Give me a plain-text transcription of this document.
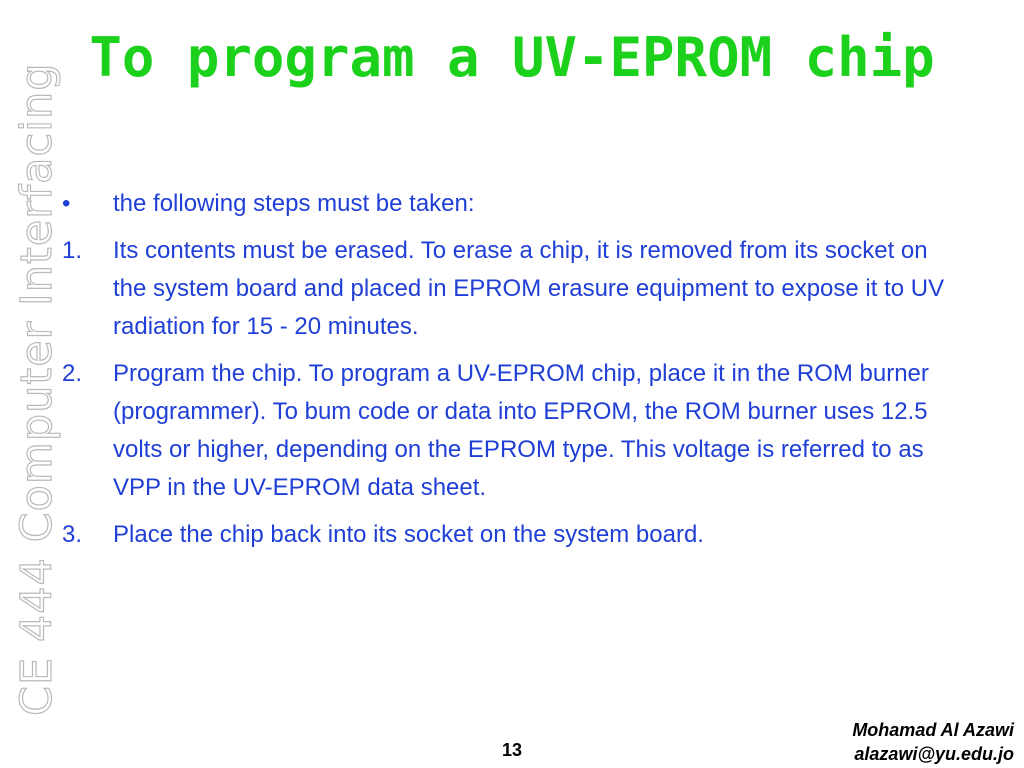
To program a UV-EPROM chip
CE 444 Computer Interfacing •	the following steps must be taken:
1.	Its contents must be erased. To erase a chip, it is removed from its socket on the system board and placed in EPROM erasure equipment to expose it to UV radiation for 15 - 20 minutes.
2.	Program the chip. To program a UV-EPROM chip, place it in the ROM burner (programmer). To bum code or data into EPROM, the ROM burner uses 12.5 volts or higher, depending on the EPROM type. This voltage is referred to as VPP in the UV-EPROM data sheet.
3.	Place the chip back into its socket on the system board.
13
Mohamad Al Azawi
alazawi@yu.edu.jo
